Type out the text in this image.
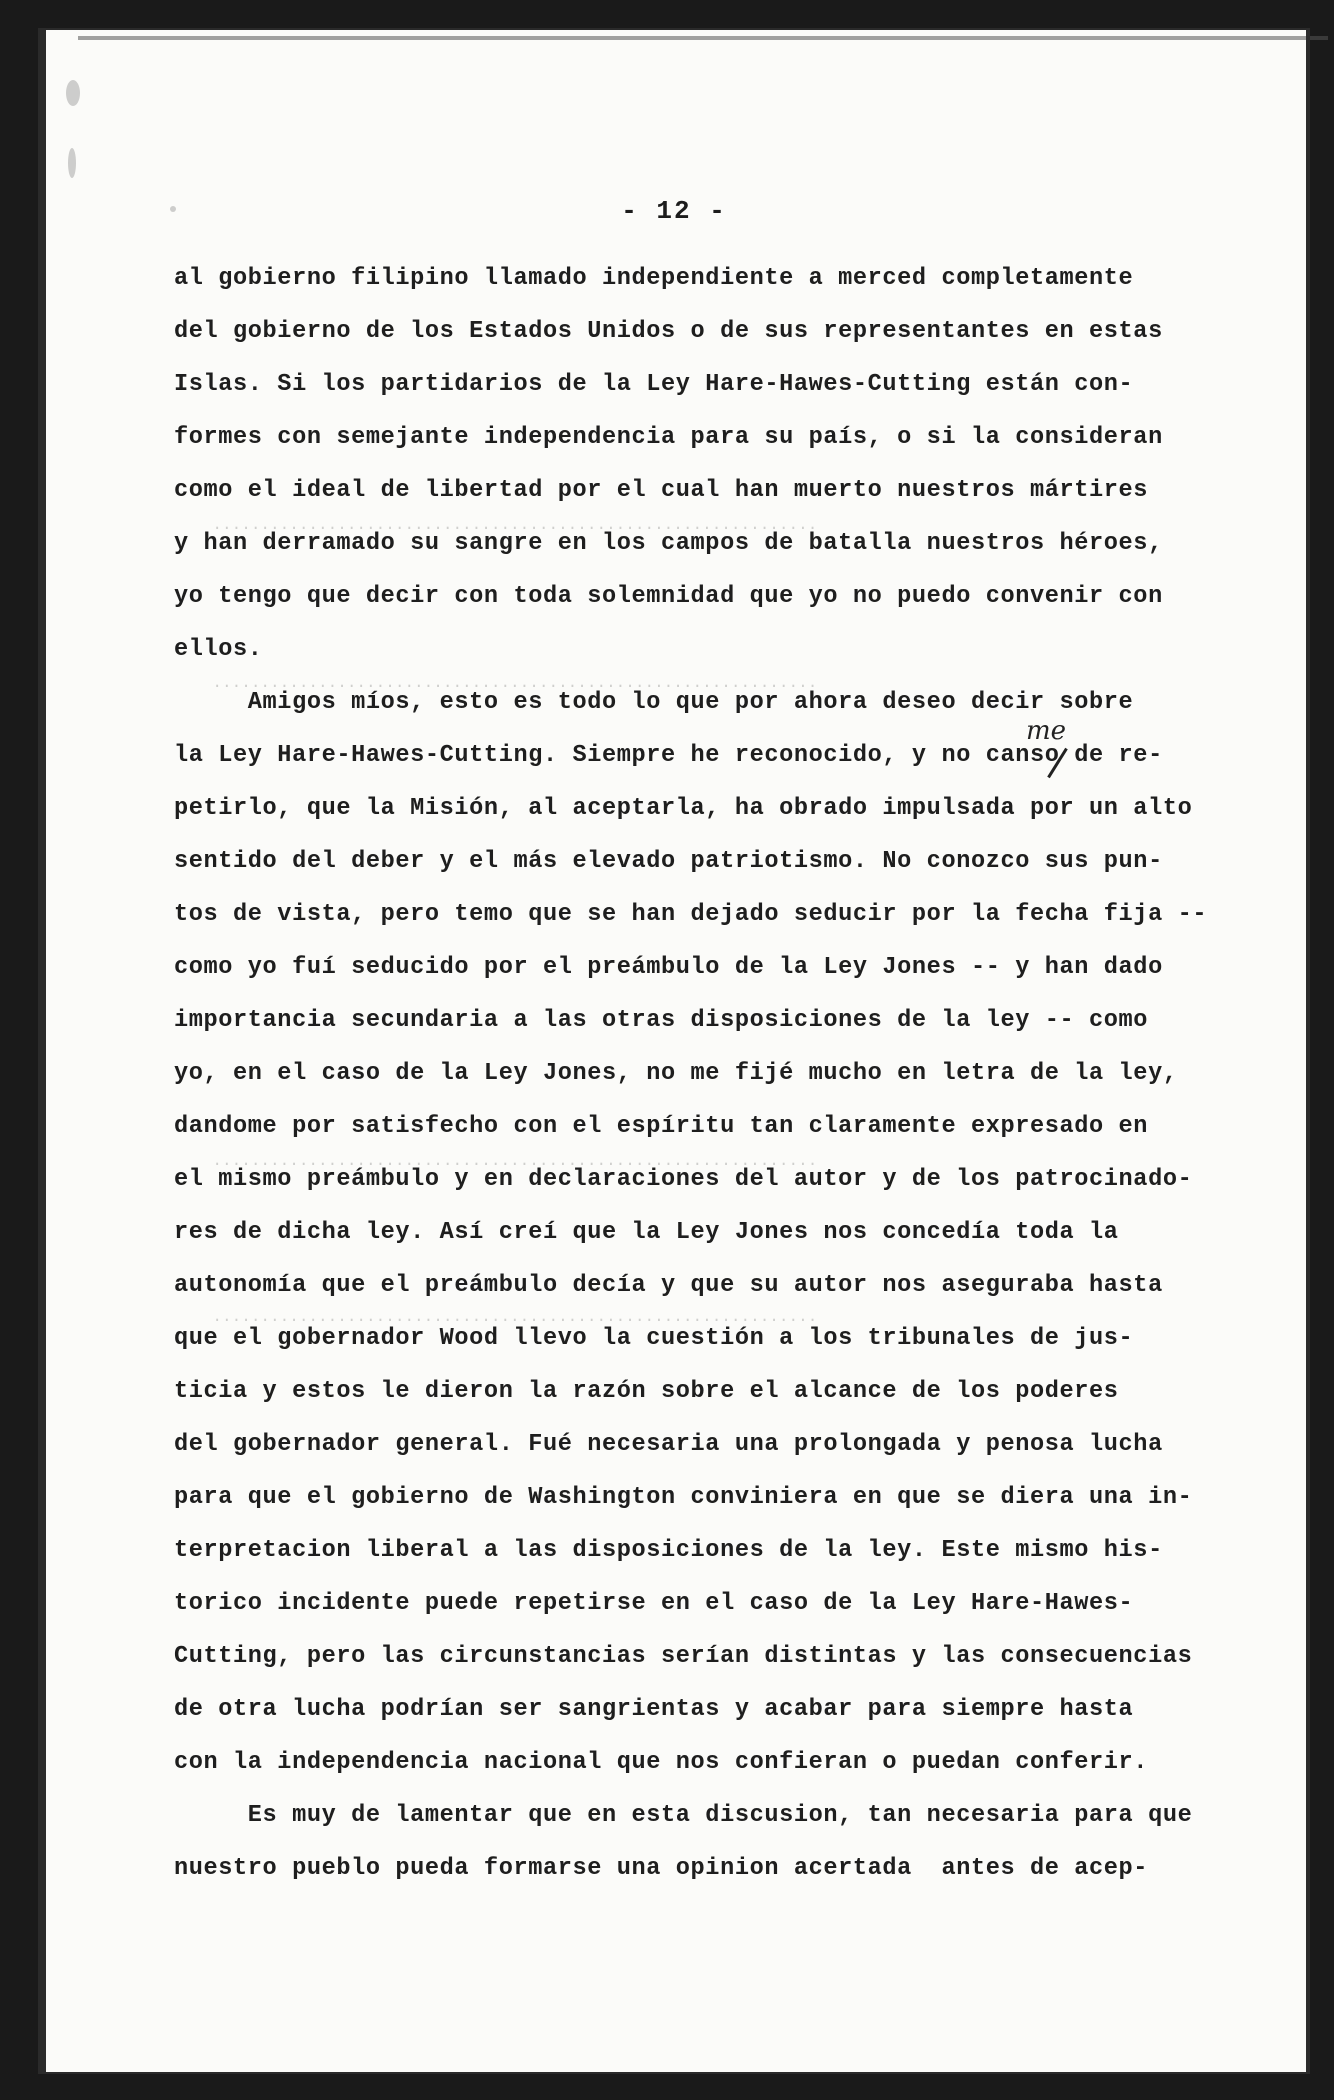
...............................................................
...............................................................
...............................................................
...............................................................
- 12 -
al gobierno filipino llamado independiente a merced completamente
del gobierno de los Estados Unidos o de sus representantes en estas
Islas. Si los partidarios de la Ley Hare-Hawes-Cutting están con-
formes con semejante independencia para su país, o si la consideran
como el ideal de libertad por el cual han muerto nuestros mártires
y han derramado su sangre en los campos de batalla nuestros héroes,
yo tengo que decir con toda solemnidad que yo no puedo convenir con
ellos.
Amigos míos, esto es todo lo que por ahora deseo decir sobre
me
la Ley Hare-Hawes-Cutting. Siempre he reconocido, y no canso de re-
petirlo, que la Misión, al aceptarla, ha obrado impulsada por un alto
sentido del deber y el más elevado patriotismo. No conozco sus pun-
tos de vista, pero temo que se han dejado seducir por la fecha fija --
como yo fuí seducido por el preámbulo de la Ley Jones -- y han dado
importancia secundaria a las otras disposiciones de la ley -- como
yo, en el caso de la Ley Jones, no me fijé mucho en letra de la ley,
dandome por satisfecho con el espíritu tan claramente expresado en
el mismo preámbulo y en declaraciones del autor y de los patrocinado-
res de dicha ley. Así creí que la Ley Jones nos concedía toda la
autonomía que el preámbulo decía y que su autor nos aseguraba hasta
que el gobernador Wood llevo la cuestión a los tribunales de jus-
ticia y estos le dieron la razón sobre el alcance de los poderes
del gobernador general. Fué necesaria una prolongada y penosa lucha
para que el gobierno de Washington conviniera en que se diera una in-
terpretacion liberal a las disposiciones de la ley. Este mismo his-
torico incidente puede repetirse en el caso de la Ley Hare-Hawes-
Cutting, pero las circunstancias serían distintas y las consecuencias
de otra lucha podrían ser sangrientas y acabar para siempre hasta
con la independencia nacional que nos confieran o puedan conferir.
Es muy de lamentar que en esta discusion, tan necesaria para que
nuestro pueblo pueda formarse una opinion acertada  antes de acep-
